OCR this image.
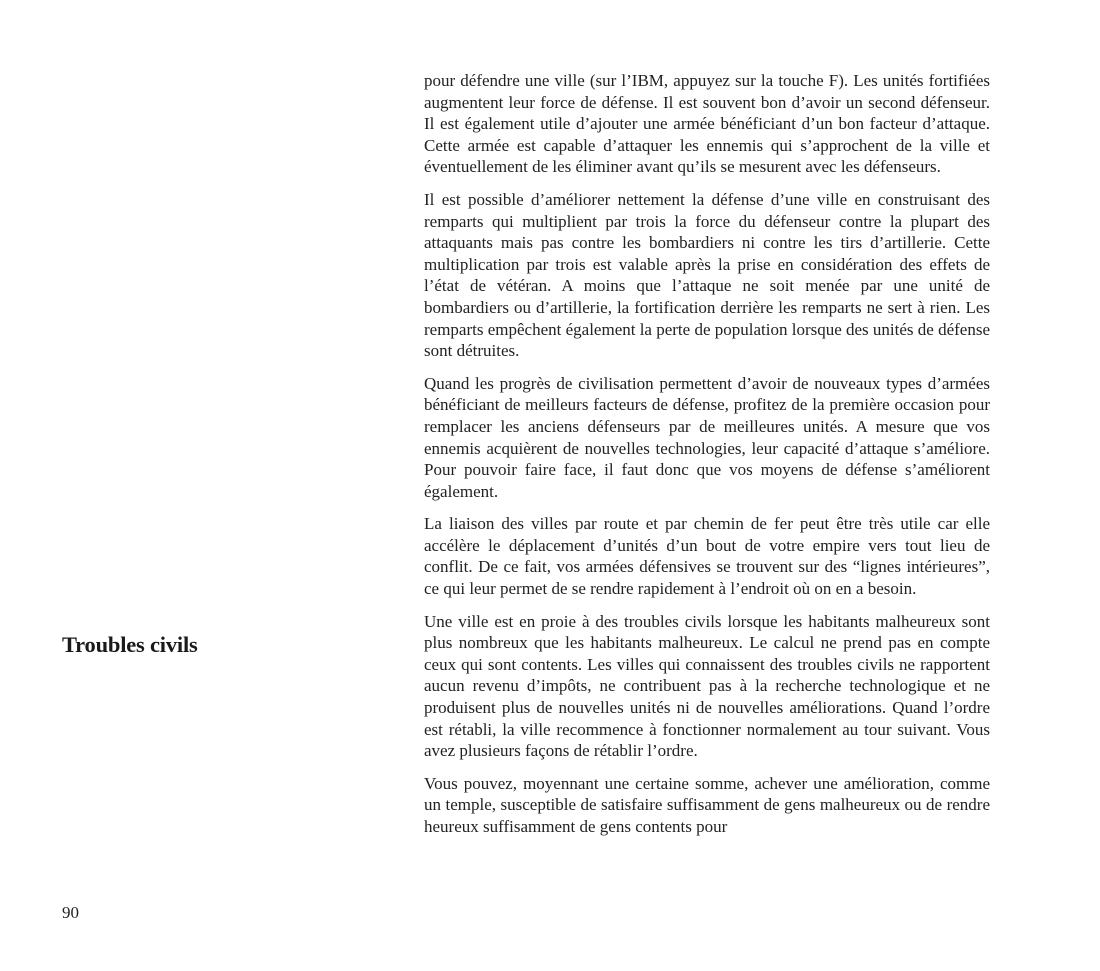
pour défendre une ville (sur l’IBM, appuyez sur la touche F). Les unités fortifiées augmentent leur force de défense. Il est souvent bon d’avoir un second défenseur. Il est également utile d’ajouter une armée bénéficiant d’un bon facteur d’attaque. Cette armée est capable d’attaquer les ennemis qui s’approchent de la ville et éventuellement de les éliminer avant qu’ils se mesurent avec les défenseurs.

Il est possible d’améliorer nettement la défense d’une ville en construisant des remparts qui multiplient par trois la force du défenseur contre la plupart des attaquants mais pas contre les bombardiers ni contre les tirs d’artillerie. Cette multiplication par trois est valable après la prise en considération des effets de l’état de vétéran. A moins que l’attaque ne soit menée par une unité de bombardiers ou d’artillerie, la fortification derrière les remparts ne sert à rien. Les remparts empêchent également la perte de population lorsque des unités de défense sont détruites.

Quand les progrès de civilisation permettent d’avoir de nouveaux types d’armées bénéficiant de meilleurs facteurs de défense, profitez de la première occasion pour remplacer les anciens défenseurs par de meilleures unités. A mesure que vos ennemis acquièrent de nouvelles technologies, leur capacité d’attaque s’améliore. Pour pouvoir faire face, il faut donc que vos moyens de défense s’améliorent également.

La liaison des villes par route et par chemin de fer peut être très utile car elle accélère le déplacement d’unités d’un bout de votre empire vers tout lieu de conflit. De ce fait, vos armées défensives se trouvent sur des “lignes intérieures”, ce qui leur permet de se rendre rapidement à l’endroit où on en a besoin.

Une ville est en proie à des troubles civils lorsque les habitants malheureux sont plus nombreux que les habitants malheureux. Le calcul ne prend pas en compte ceux qui sont contents. Les villes qui connaissent des troubles civils ne rapportent aucun revenu d’impôts, ne contribuent pas à la recherche technologique et ne produisent plus de nouvelles unités ni de nouvelles améliorations. Quand l’ordre est rétabli, la ville recommence à fonctionner normalement au tour suivant. Vous avez plusieurs façons de rétablir l’ordre.

Vous pouvez, moyennant une certaine somme, achever une amélioration, comme un temple, susceptible de satisfaire suffisamment de gens malheureux ou de rendre heureux suffisamment de gens contents pour

Troubles civils
90
